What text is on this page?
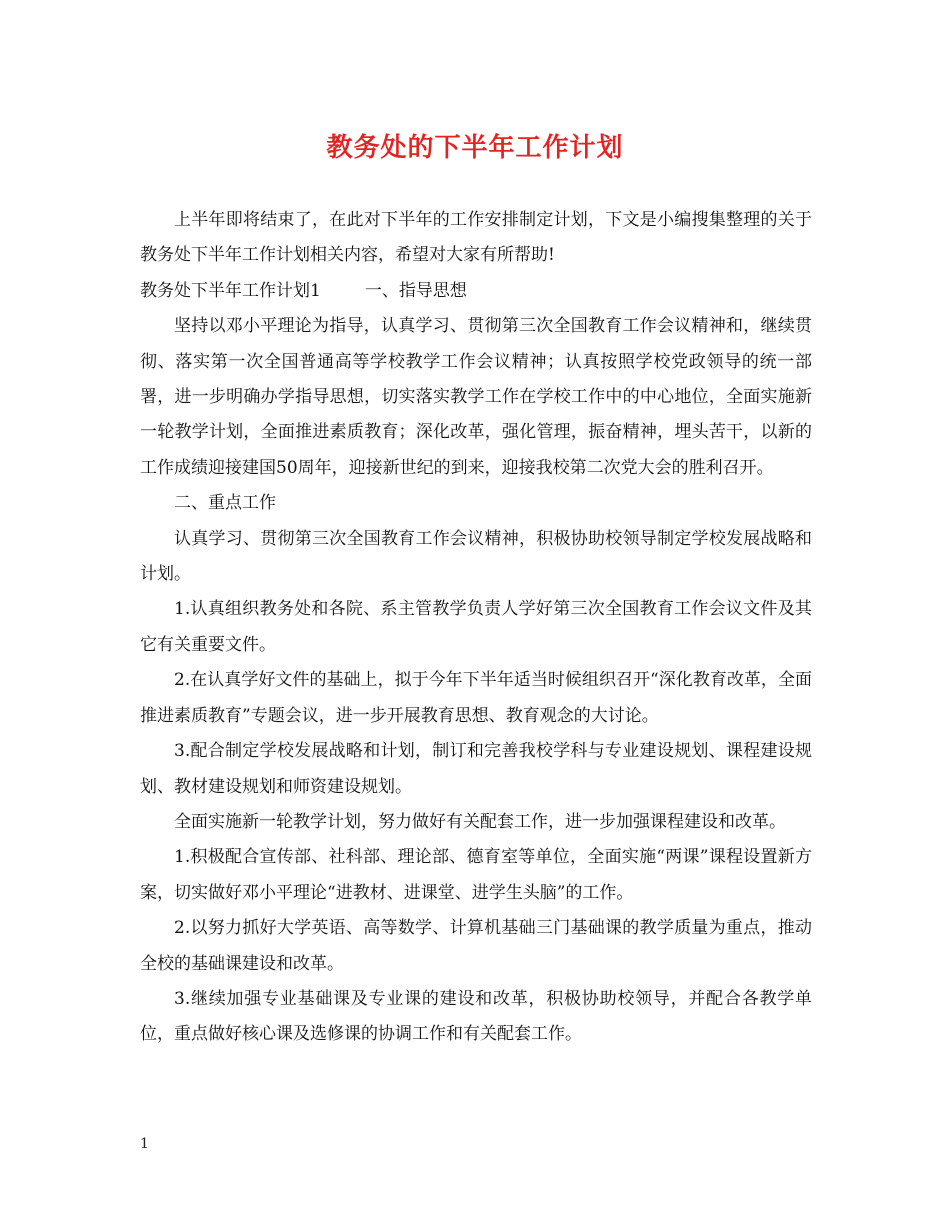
教务处的下半年工作计划

上半年即将结束了，在此对下半年的工作安排制定计划，下文是小编搜集整理的关于教务处下半年工作计划相关内容，希望对大家有所帮助!

教务处下半年工作计划1	一、指导思想

坚持以邓小平理论为指导，认真学习、贯彻第三次全国教育工作会议精神和，继续贯彻、落实第一次全国普通高等学校教学工作会议精神；认真按照学校党政领导的统一部署，进一步明确办学指导思想，切实落实教学工作在学校工作中的中心地位，全面实施新一轮教学计划，全面推进素质教育；深化改革，强化管理，振奋精神，埋头苦干，以新的工作成绩迎接建国50周年，迎接新世纪的到来，迎接我校第二次党大会的胜利召开。

二、重点工作

认真学习、贯彻第三次全国教育工作会议精神，积极协助校领导制定学校发展战略和计划。

1.认真组织教务处和各院、系主管教学负责人学好第三次全国教育工作会议文件及其它有关重要文件。

2.在认真学好文件的基础上，拟于今年下半年适当时候组织召开“深化教育改革，全面推进素质教育”专题会议，进一步开展教育思想、教育观念的大讨论。

3.配合制定学校发展战略和计划，制订和完善我校学科与专业建设规划、课程建设规划、教材建设规划和师资建设规划。

全面实施新一轮教学计划，努力做好有关配套工作，进一步加强课程建设和改革。

1.积极配合宣传部、社科部、理论部、德育室等单位，全面实施“两课”课程设置新方案，切实做好邓小平理论“进教材、进课堂、进学生头脑”的工作。

2.以努力抓好大学英语、高等数学、计算机基础三门基础课的教学质量为重点，推动全校的基础课建设和改革。

3.继续加强专业基础课及专业课的建设和改革，积极协助校领导，并配合各教学单位，重点做好核心课及选修课的协调工作和有关配套工作。

1
